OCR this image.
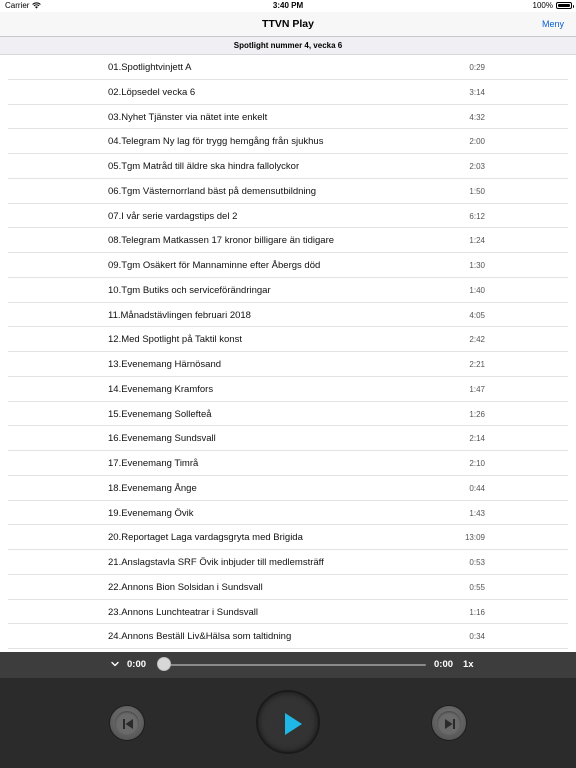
Carrier	3:40 PM	100%
TTVN Play	Meny
Spotlight nummer 4, vecka 6
01.Spotlightvinjett A	0:29
02.Löpsedel vecka 6	3:14
03.Nyhet Tjänster via nätet inte enkelt	4:32
04.Telegram Ny lag för trygg hemgång från sjukhus	2:00
05.Tgm Matråd till äldre ska hindra fallolyckor	2:03
06.Tgm Västernorrland bäst på demensutbildning	1:50
07.I vår serie vardagstips del 2	6:12
08.Telegram Matkassen 17 kronor billigare än tidigare	1:24
09.Tgm Osäkert för Mannaminne efter Åbergs död	1:30
10.Tgm Butiks och serviceförändringar	1:40
11.Månadstävlingen februari 2018	4:05
12.Med Spotlight på Taktil konst	2:42
13.Evenemang Härnösand	2:21
14.Evenemang Kramfors	1:47
15.Evenemang Sollefteå	1:26
16.Evenemang Sundsvall	2:14
17.Evenemang Timrå	2:10
18.Evenemang Ånge	0:44
19.Evenemang Övik	1:43
20.Reportaget Laga vardagsgryta med Brigida	13:09
21.Anslagstavla SRF Övik inbjuder till medlemsträff	0:53
22.Annons Bion Solsidan i Sundsvall	0:55
23.Annons Lunchteatrar i Sundsvall	1:16
24.Annons Beställ Liv&Hälsa som taltidning	0:34
0:00	0:00 1x
